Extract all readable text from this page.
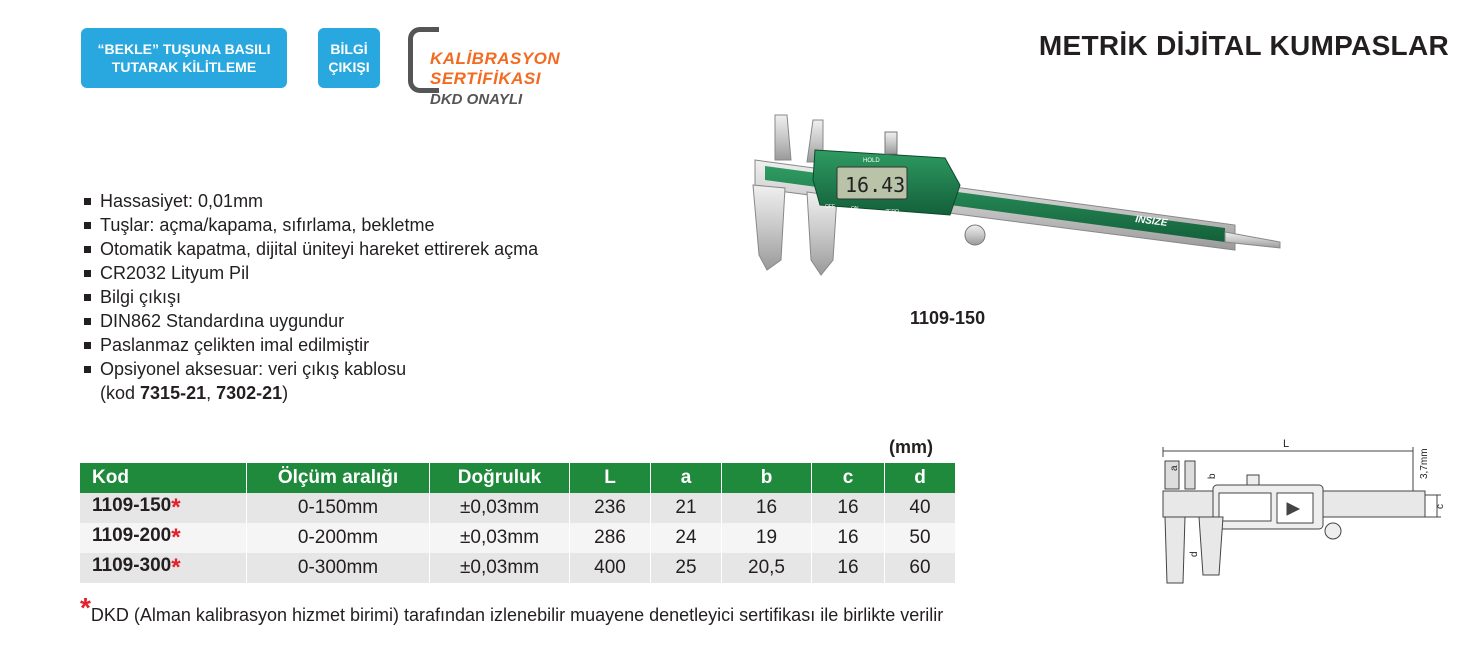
“BEKLE” TUŞUNA BASILI TUTARAK KİLİTLEME
BİLGİ ÇIKIŞI	KALİBRASYON
SERTİFİKASI
DKD ONAYLI
METRİK DİJİTAL KUMPASLAR
Hassasiyet: 0,01mm
Tuşlar: açma/kapama, sıfırlama, bekletme
Otomatik kapatma, dijital üniteyi hareket ettirerek açma
CR2032 Lityum Pil
Bilgi çıkışı
DIN862 Standardına uygundur
Paslanmaz çelikten imal edilmiştir
Opsiyonel aksesuar: veri çıkış kablosu
(kod 7315-21, 7302-21)
16.43
HOLD
OFF	ON	ZERO
INSIZE
1109-150
(mm)
Kod	Ölçüm aralığı	Doğruluk	L	a	b	c	d
1109-150*	0-150mm	±0,03mm	236	21	16	16	40
1109-200*	0-200mm	±0,03mm	286	24	19	16	50
1109-300*	0-300mm	±0,03mm	400	25	20,5	16	60
L
a
b
c
d
3,7mm
*DKD (Alman kalibrasyon hizmet birimi) tarafından izlenebilir muayene denetleyici sertifikası ile birlikte verilir
